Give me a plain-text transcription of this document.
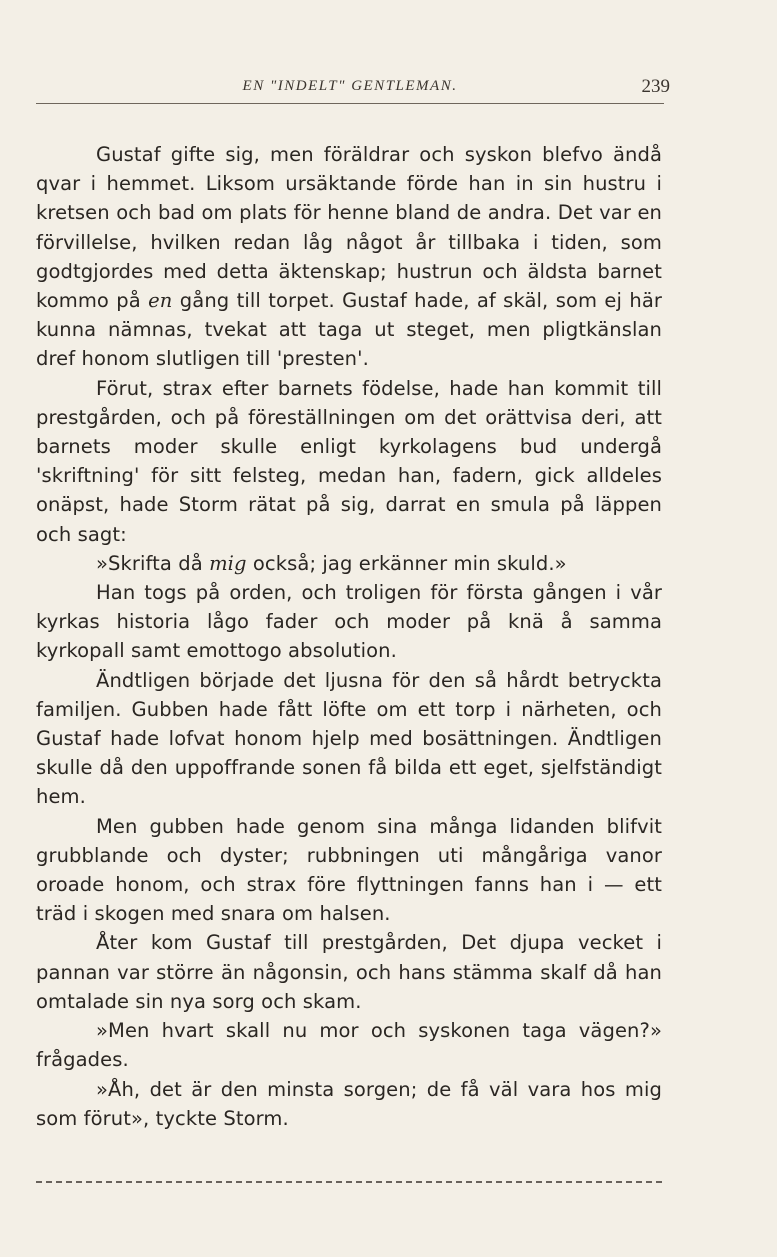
EN "INDELT" GENTLEMAN.	239

Gustaf gifte sig, men föräldrar och syskon blefvo ändå qvar i hemmet. Liksom ursäktande förde han in sin hustru i kretsen och bad om plats för henne bland de andra. Det var en förvillelse, hvilken redan låg något år tillbaka i tiden, som godtgjordes med detta äktenskap; hustrun och äldsta barnet kommo på en gång till torpet. Gustaf hade, af skäl, som ej här kunna nämnas, tvekat att taga ut steget, men pligtkänslan dref honom slutligen till 'presten'.

Förut, strax efter barnets födelse, hade han kommit till prestgården, och på föreställningen om det orättvisa deri, att barnets moder skulle enligt kyrkolagens bud undergå 'skriftning' för sitt felsteg, medan han, fadern, gick alldeles onäpst, hade Storm rätat på sig, darrat en smula på läppen och sagt:

»Skrifta då mig också; jag erkänner min skuld.»

Han togs på orden, och troligen för första gången i vår kyrkas historia lågo fader och moder på knä å samma kyrkopall samt emottogo absolution.

Ändtligen började det ljusna för den så hårdt betryckta familjen. Gubben hade fått löfte om ett torp i närheten, och Gustaf hade lofvat honom hjelp med bosättningen. Ändtligen skulle då den uppoffrande sonen få bilda ett eget, sjelfständigt hem.

Men gubben hade genom sina många lidanden blifvit grubblande och dyster; rubbningen uti mångåriga vanor oroade honom, och strax före flyttningen fanns han i — ett träd i skogen med snara om halsen.

Åter kom Gustaf till prestgården, Det djupa vecket i pannan var större än någonsin, och hans stämma skalf då han omtalade sin nya sorg och skam.

»Men hvart skall nu mor och syskonen taga vägen?» frågades.

»Åh, det är den minsta sorgen; de få väl vara hos mig som förut», tyckte Storm.
